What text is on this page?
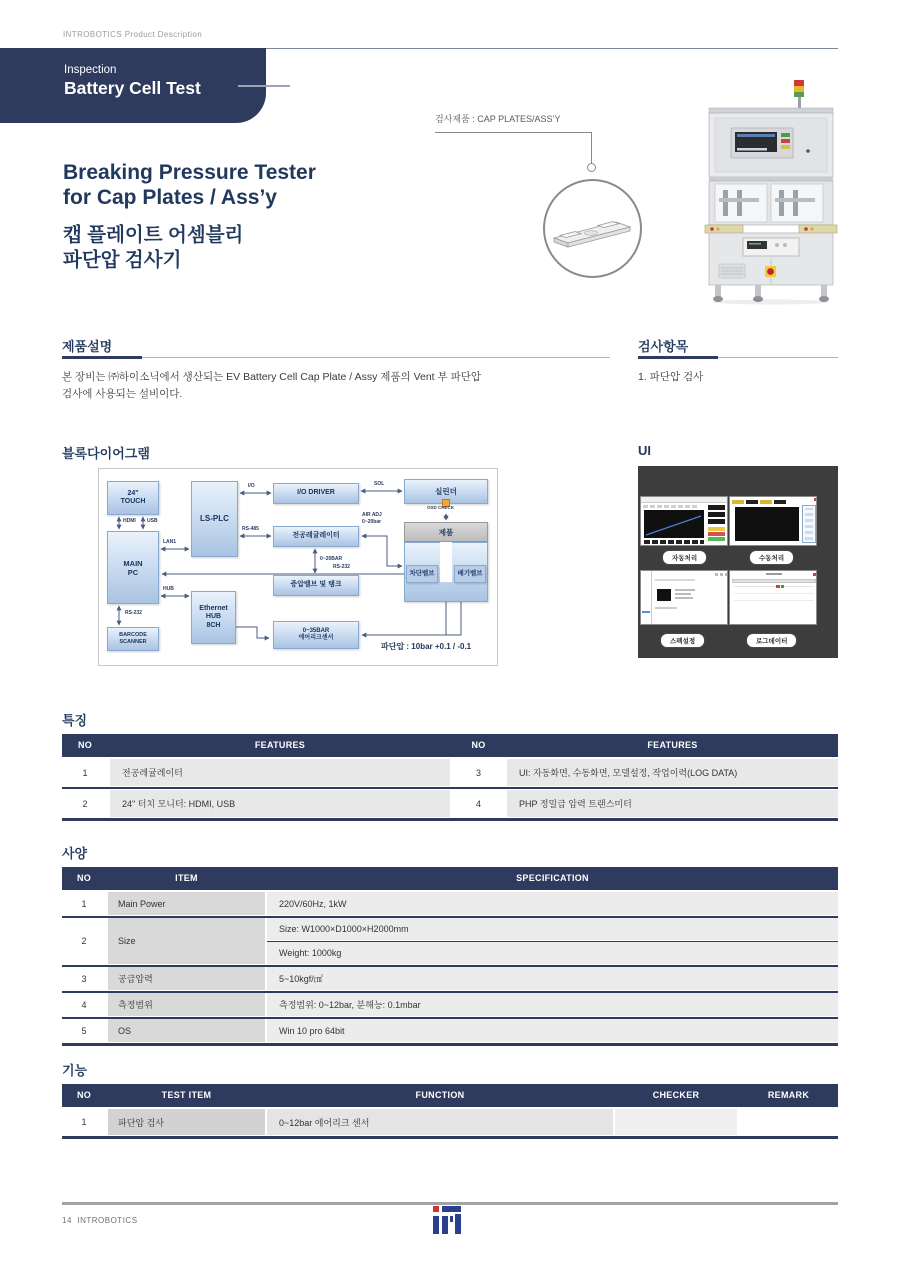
INTROBOTICS Product Description
Inspection
Battery Cell Test
Breaking Pressure Tester
for Cap Plates / Ass’y
캡 플레이트 어셈블리
파단압 검사기
검사제품 : CAP PLATES/ASS’Y
제품설명
본 장비는 ㈜하이소닉에서 생산되는 EV Battery Cell Cap Plate / Assy 제품의 Vent 부 파단압
검사에 사용되는 설비이다.
검사항목
1. 파단압 검사
블록다이어그램
24"
TOUCH
LS-PLC
MAIN
PC
Ethernet
HUB
8CH
BARCODE
SCANNER
I/O DRIVER
전공레귤레이터
증압밸브 및 탱크
0~35BAR
에어리크센서
실린더
제품
차단밸브	배기밸브
HDMI USB
LAN1
HUB
RS-232
I/O
RS-485
SOL
RS-232
AIR ADJ
0~20bar
0~20BAR
OSD CHECK
파단압 : 10bar +0.1 / -0.1
UI
자동처리	수동처리
스펙설정	로그데이터
특징
NO	FEATURES	NO	FEATURES
1	전공레귤레이터	3	UI: 자동화면, 수동화면, 모델설정, 작업이력(LOG DATA)
2	24" 터치 모니터: HDMI, USB	4	PHP 정밀급 압력 트랜스미터
사양
NO	ITEM	SPECIFICATION
1	Main Power	220V/60Hz, 1kW
2	Size
Size: W1000×D1000×H2000mm
Weight: 1000kg
3	공급압력	5~10kgf/㎠
4	측정범위	측정범위: 0~12bar, 분해능: 0.1mbar
5	OS	Win 10 pro 64bit
기능
NO	TEST ITEM	FUNCTION	CHECKER	REMARK
1	파단압 검사	0~12bar 에어리크 센서
14 INTROBOTICS
